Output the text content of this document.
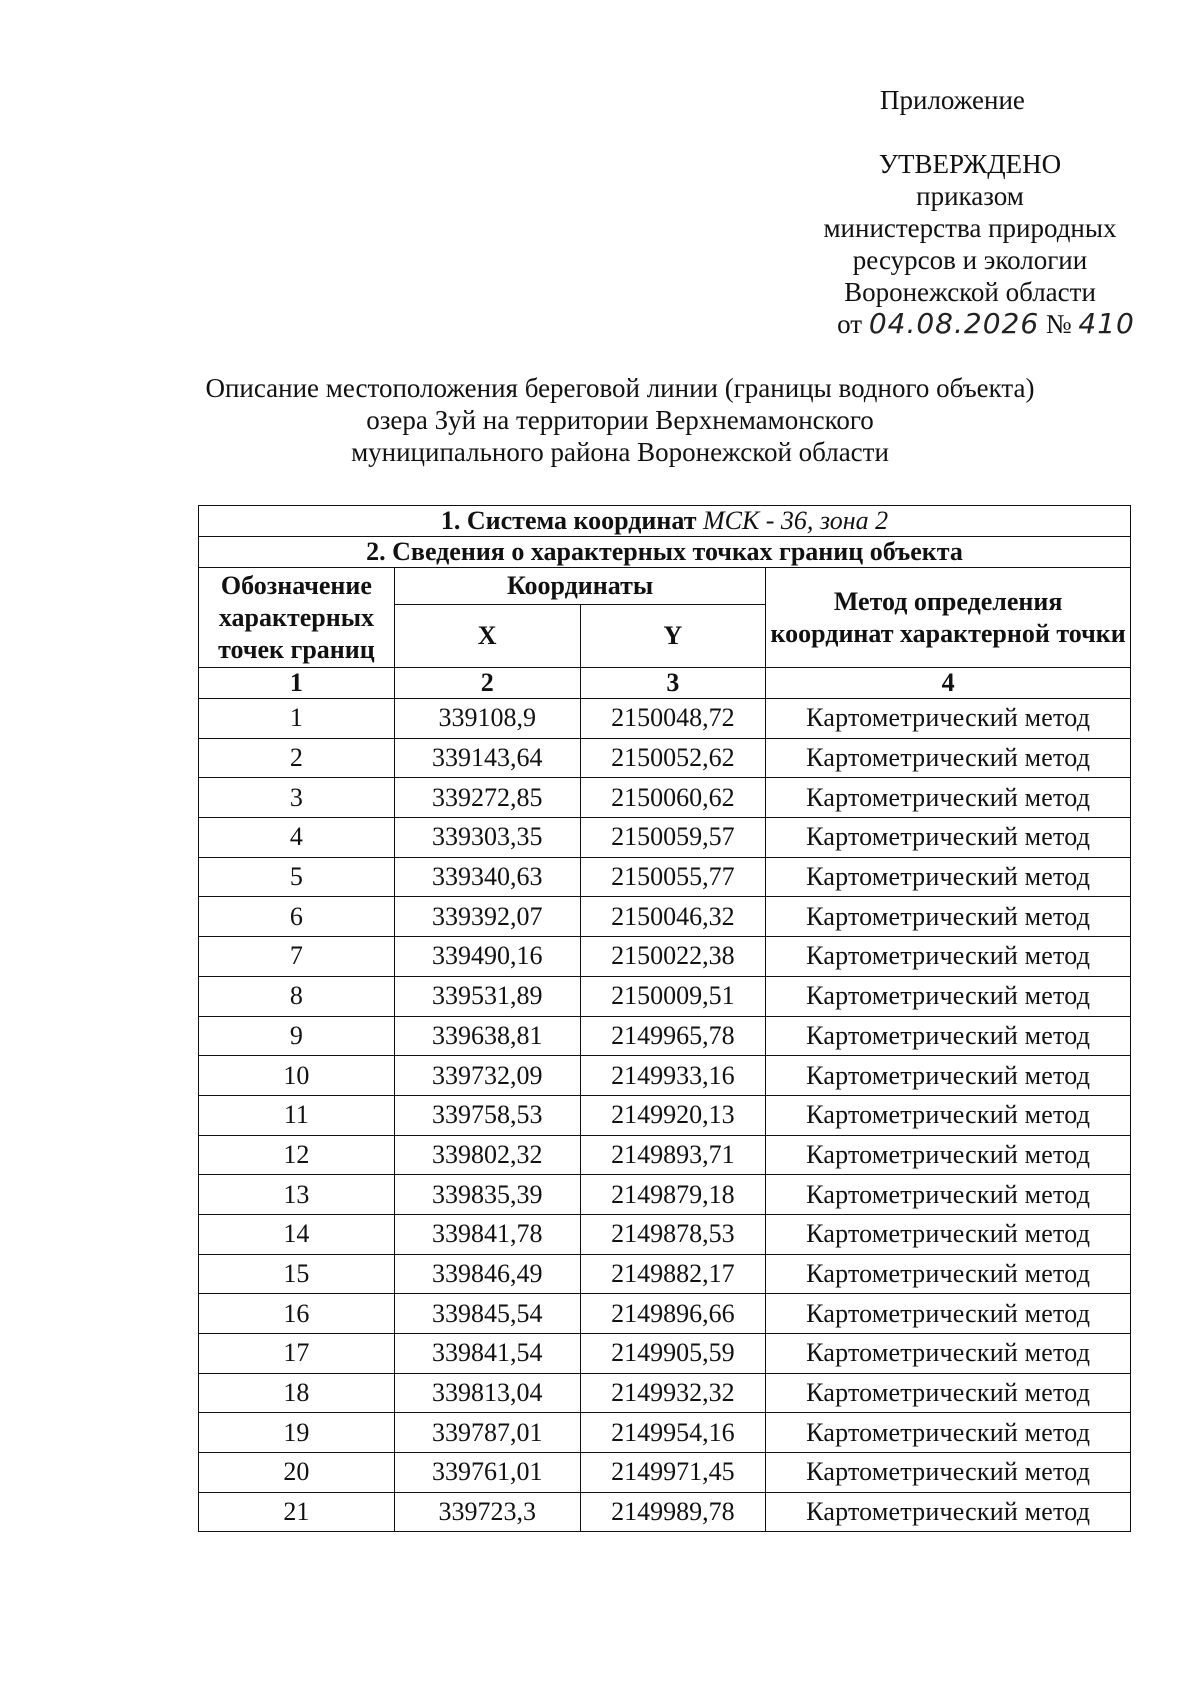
Приложение
УТВЕРЖДЕНО
приказом
министерства природных
ресурсов и экологии
Воронежской области
от 04.08.2026 № 410
Описание местоположения береговой линии (границы водного объекта)
озера Зуй на территории Верхнемамонского
муниципального района Воронежской области
1. Система координат МСК - 36, зона 2			
2. Сведения о характерных точках границ объекта			
Обозначение характерных точек границ	Координаты		Метод определения координат характерной точки
	X	Y	
1	2	3	4
1	339108,9	2150048,72	Картометрический метод
2	339143,64	2150052,62	Картометрический метод
3	339272,85	2150060,62	Картометрический метод
4	339303,35	2150059,57	Картометрический метод
5	339340,63	2150055,77	Картометрический метод
6	339392,07	2150046,32	Картометрический метод
7	339490,16	2150022,38	Картометрический метод
8	339531,89	2150009,51	Картометрический метод
9	339638,81	2149965,78	Картометрический метод
10	339732,09	2149933,16	Картометрический метод
11	339758,53	2149920,13	Картометрический метод
12	339802,32	2149893,71	Картометрический метод
13	339835,39	2149879,18	Картометрический метод
14	339841,78	2149878,53	Картометрический метод
15	339846,49	2149882,17	Картометрический метод
16	339845,54	2149896,66	Картометрический метод
17	339841,54	2149905,59	Картометрический метод
18	339813,04	2149932,32	Картометрический метод
19	339787,01	2149954,16	Картометрический метод
20	339761,01	2149971,45	Картометрический метод
21	339723,3	2149989,78	Картометрический метод
